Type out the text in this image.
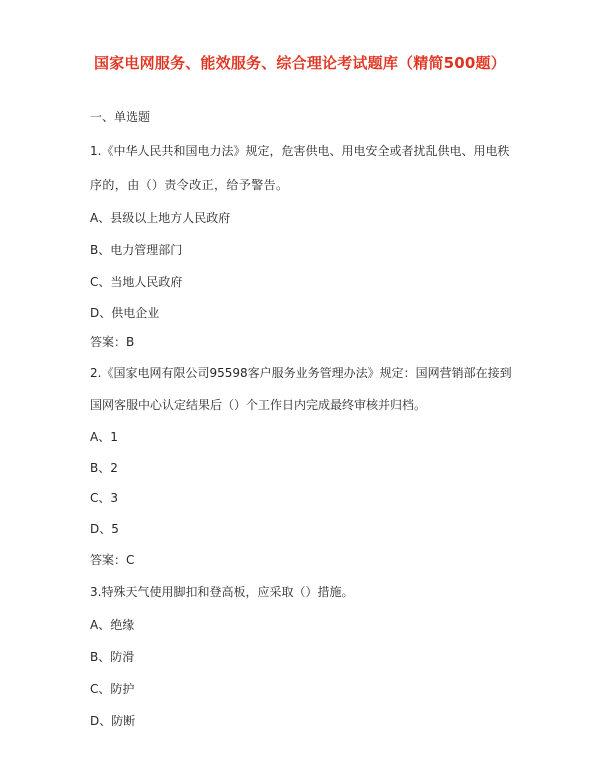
国家电网服务、能效服务、综合理论考试题库（精简500题）
一、单选题
1.《中华人民共和国电力法》规定，危害供电、用电安全或者扰乱供电、用电秩
序的，由（）责令改正，给予警告。
A、县级以上地方人民政府
B、电力管理部门
C、当地人民政府
D、供电企业
答案：B
2.《国家电网有限公司95598客户服务业务管理办法》规定：国网营销部在接到
国网客服中心认定结果后（）个工作日内完成最终审核并归档。
A、1
B、2
C、3
D、5
答案：C
3.特殊天气使用脚扣和登高板，应采取（）措施。
A、绝缘
B、防滑
C、防护
D、防断
